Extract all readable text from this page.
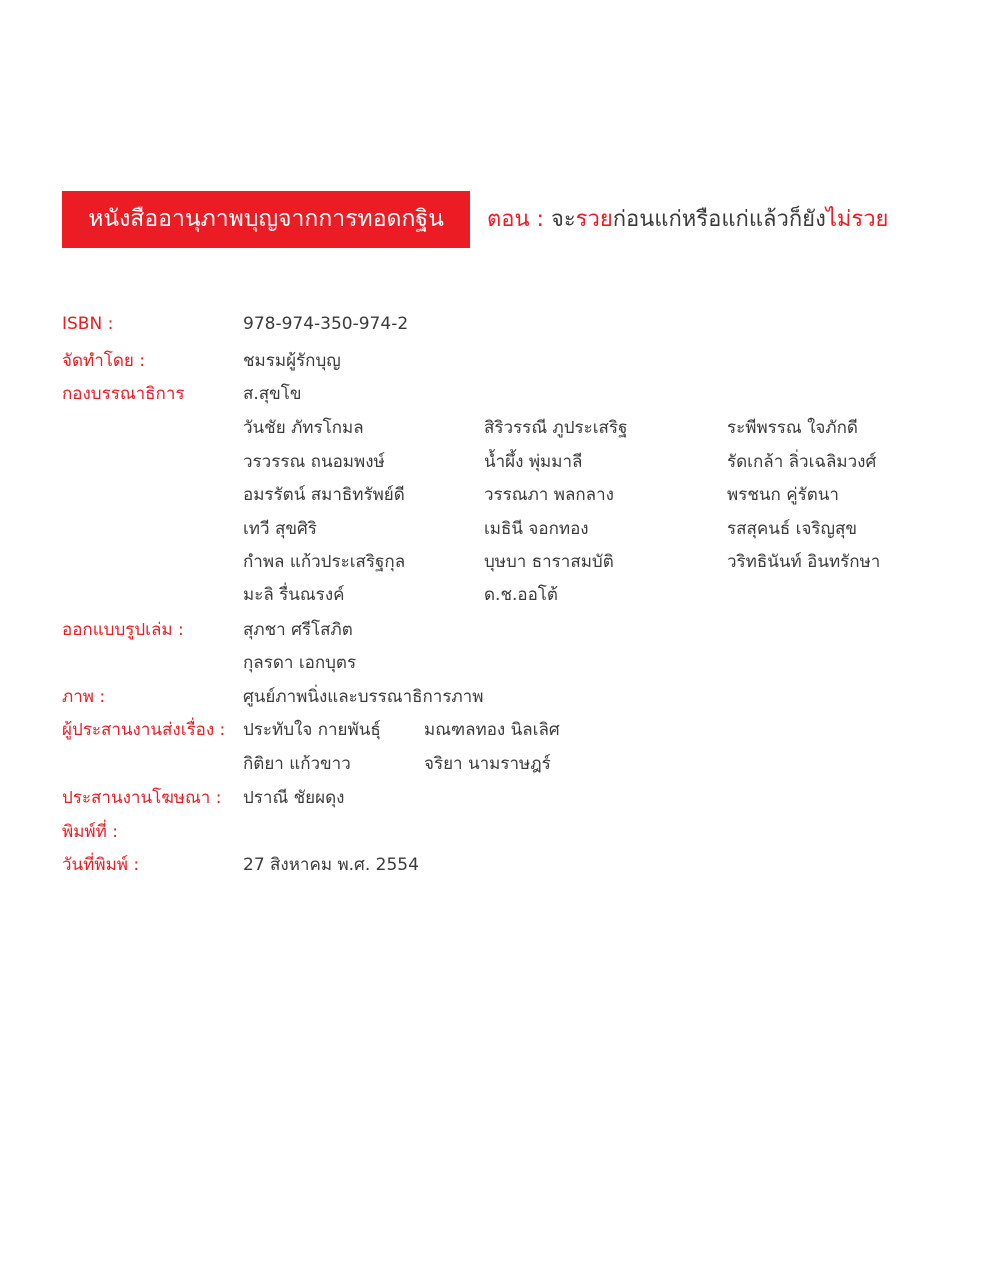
หนังสืออานุภาพบุญจากการทอดกฐิน	ตอน : จะรวยก่อนแก่หรือแก่แล้วก็ยังไม่รวย
ISBN :	978-974-350-974-2
จัดทำโดย :	ชมรมผู้รักบุญ
กองบรรณาธิการ	ส.สุขโข
วันชัย ภัทรโกมล	สิริวรรณี ภูประเสริฐ	ระพีพรรณ ใจภักดี
วรวรรณ ถนอมพงษ์	น้ำผึ้ง พุ่มมาลี	รัดเกล้า ลิ่วเฉลิมวงศ์
อมรรัตน์ สมาธิทรัพย์ดี	วรรณภา พลกลาง	พรชนก คู่รัตนา
เทวี สุขศิริ	เมธินี จอกทอง	รสสุคนธ์ เจริญสุข
กำพล แก้วประเสริฐกุล	บุษบา ธาราสมบัติ	วริทธินันท์ อินทรักษา
มะลิ รื่นณรงค์	ด.ช.ออโต้
ออกแบบรูปเล่ม :	สุภชา ศรีโสภิต
กุลรดา เอกบุตร
ภาพ :	ศูนย์ภาพนิ่งและบรรณาธิการภาพ
ผู้ประสานงานส่งเรื่อง : ประทับใจ กายพันธุ์	มณฑลทอง นิลเลิศ
กิติยา แก้วขาว	จริยา นามราษฎร์
ประสานงานโฆษณา : ปราณี ชัยผดุง
พิมพ์ที่ :
วันที่พิมพ์ :	27 สิงหาคม พ.ศ. 2554
